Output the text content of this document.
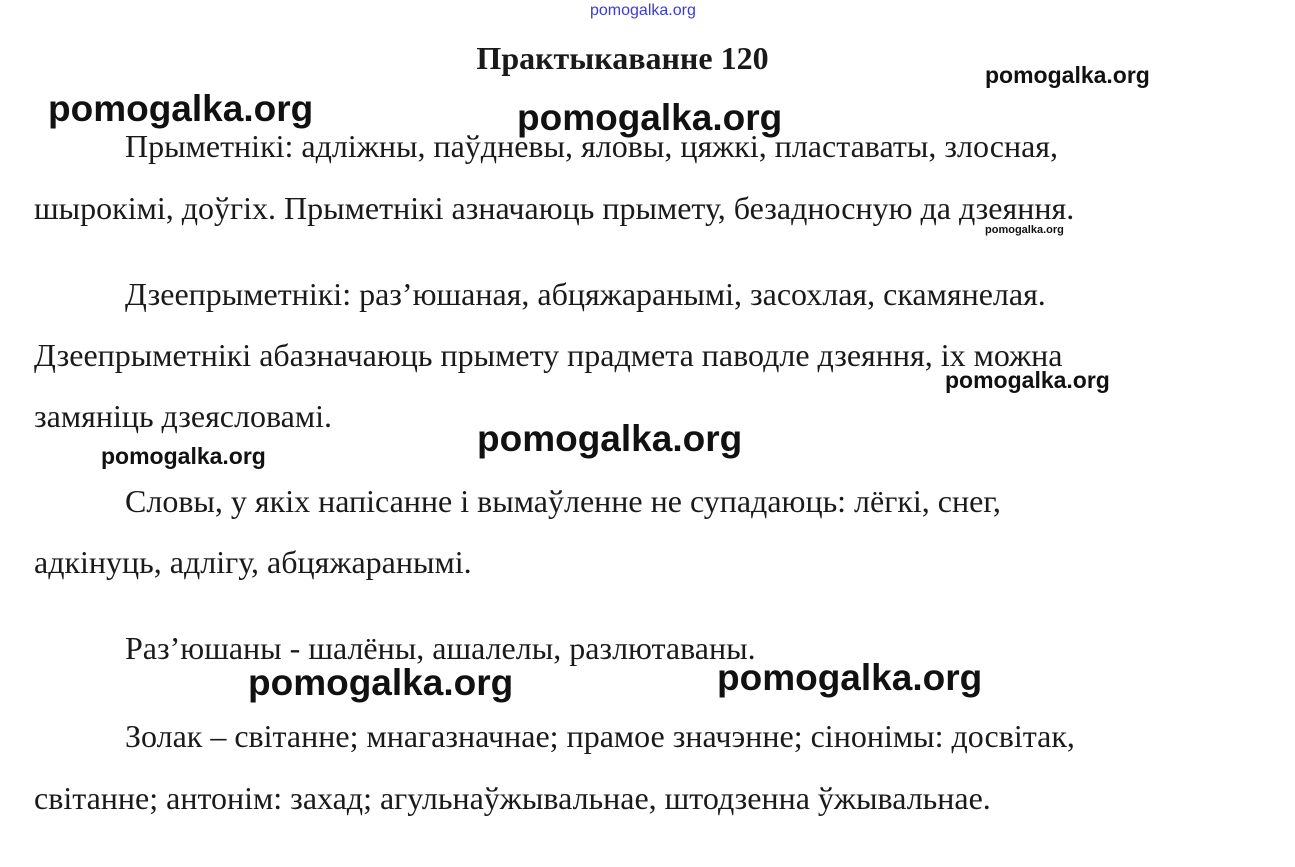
pomogalka.org
Практыкаванне 120
Прыметнікі: адліжны, паўдневы, яловы, цяжкі, пластаваты, злосная,
шырокімі, доўгіх. Прыметнікі азначаюць прымету, безадносную да дзеяння.
Дзеепрыметнікі: раз’юшаная, абцяжаранымі, засохлая, скамянелая.
Дзеепрыметнікі абазначаюць прымету прадмета паводле дзеяння, іх можна
замяніць дзеясловамі.
Словы, у якіх напісанне і вымаўленне не супадаюць: лёгкі, снег,
адкінуць, адлігу, абцяжаранымі.
Раз’юшаны - шалёны, ашалелы, разлютаваны.
Золак – світанне; мнагазначнае; прамое значэнне; сінонімы: досвітак,
світанне; антонім: захад; агульнаўжывальнае, штодзенна ўжывальнае.
pomogalka.org
pomogalka.org	pomogalka.org
pomogalka.org
pomogalka.org
pomogalka.org
pomogalka.org
pomogalka.org	pomogalka.org
